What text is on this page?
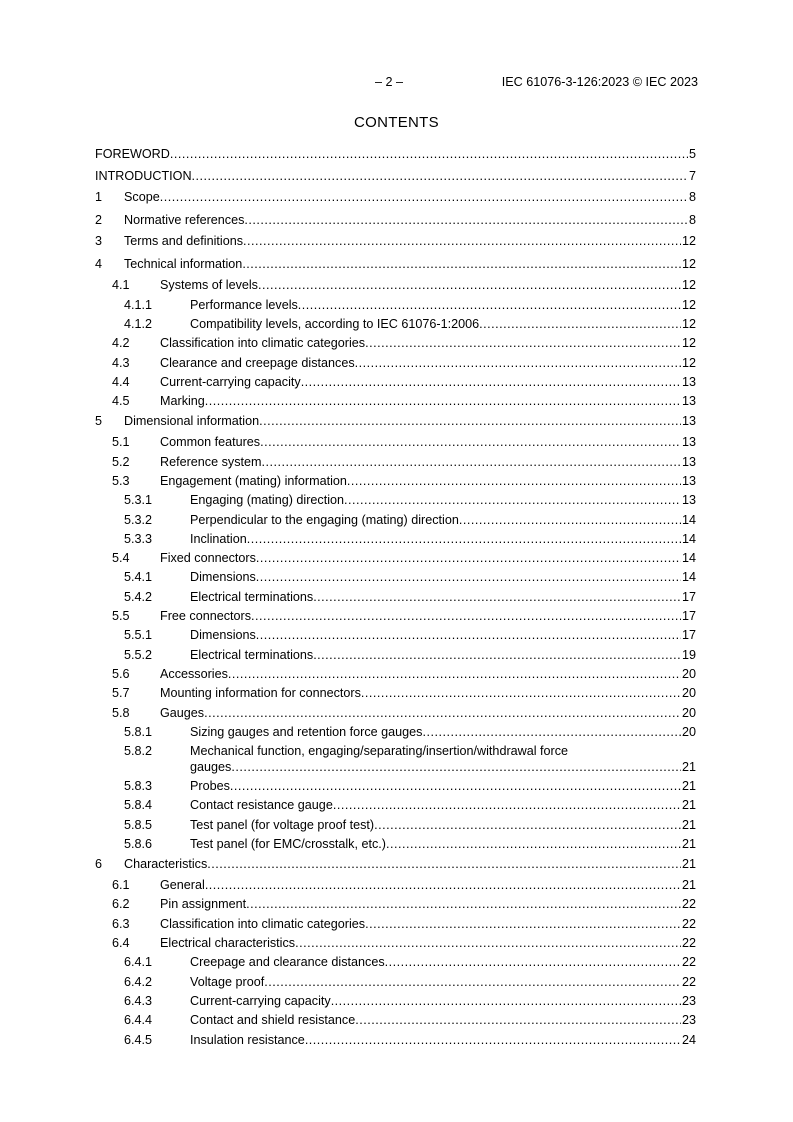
– 2 –	IEC 61076-3-126:2023 © IEC 2023
CONTENTS
FOREWORD .....	5
INTRODUCTION .....	7
1 Scope .....	8
2 Normative references .....	8
3 Terms and definitions .....	12
4 Technical information .....	12
4.1 Systems of levels .....	12
4.1.1	Performance levels .....	12
4.1.2	Compatibility levels, according to IEC 61076-1:2006 .....	12
4.2 Classification into climatic categories .....	12
4.3 Clearance and creepage distances .....	12
4.4 Current-carrying capacity .....	13
4.5 Marking .....	13
5 Dimensional information .....	13
5.1 Common features .....	13
5.2 Reference system .....	13
5.3 Engagement (mating) information .....	13
5.3.1	Engaging (mating) direction .....	13
5.3.2	Perpendicular to the engaging (mating) direction .....	14
5.3.3	Inclination .....	14
5.4 Fixed connectors .....	14
5.4.1	Dimensions .....	14
5.4.2	Electrical terminations .....	17
5.5 Free connectors .....	17
5.5.1	Dimensions .....	17
5.5.2	Electrical terminations .....	19
5.6 Accessories .....	20
5.7 Mounting information for connectors .....	20
5.8 Gauges .....	20
5.8.1	Sizing gauges and retention force gauges .....	20
5.8.2	Mechanical function, engaging/separating/insertion/withdrawal force
gauges .....	21
5.8.3	Probes .....	21
5.8.4	Contact resistance gauge .....	21
5.8.5	Test panel (for voltage proof test) .....	21
5.8.6	Test panel (for EMC/crosstalk, etc.) .....	21
6 Characteristics .....	21
6.1 General .....	21
6.2 Pin assignment .....	22
6.3 Classification into climatic categories .....	22
6.4 Electrical characteristics .....	22
6.4.1	Creepage and clearance distances .....	22
6.4.2	Voltage proof .....	22
6.4.3	Current-carrying capacity .....	23
6.4.4	Contact and shield resistance .....	23
6.4.5	Insulation resistance .....	24
